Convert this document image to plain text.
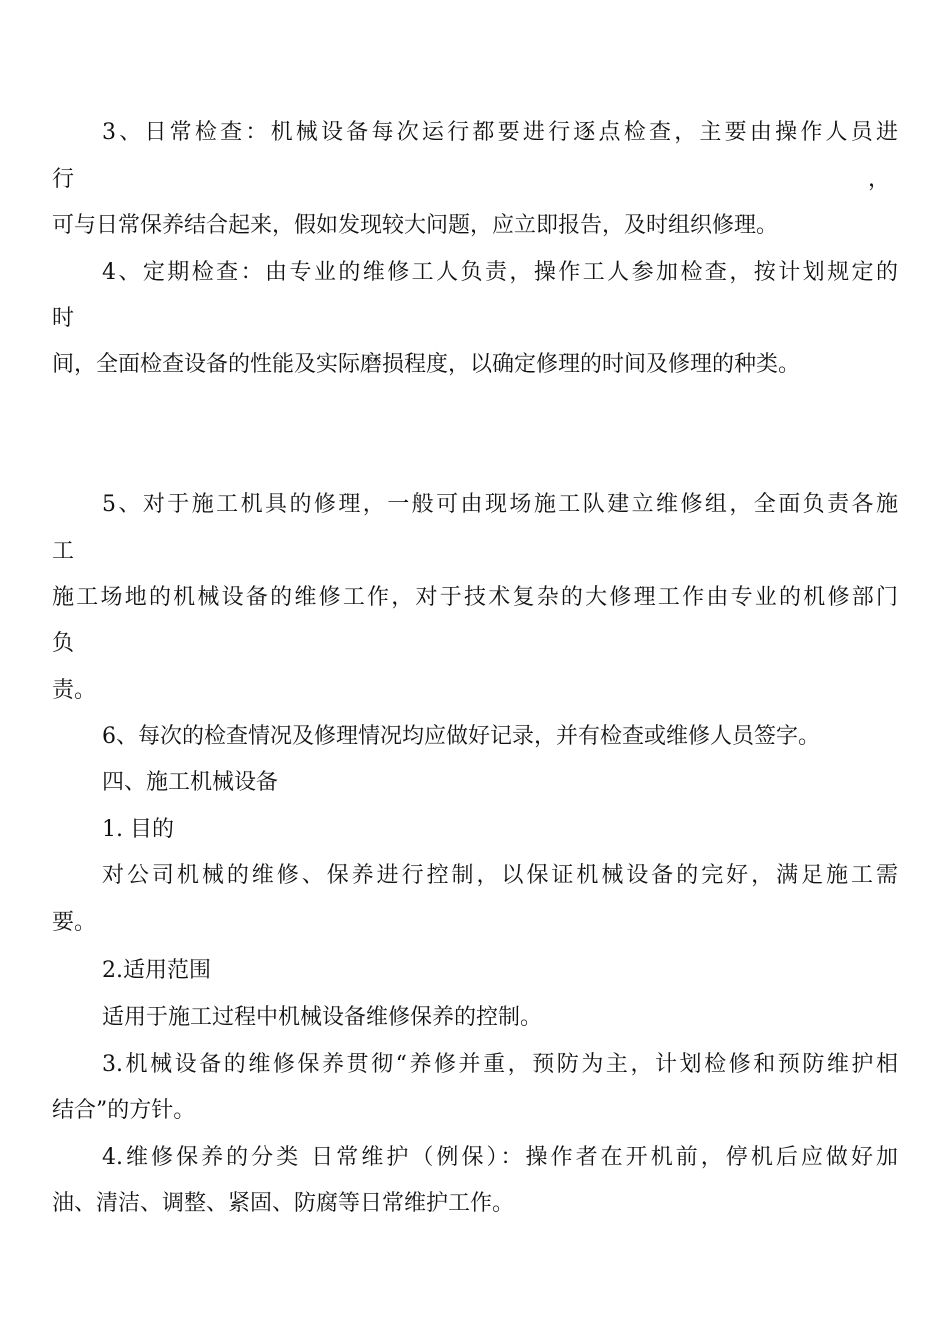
3、日常检查：机械设备每次运行都要进行逐点检查，主要由操作人员进
行	，
可与日常保养结合起来，假如发现较大问题，应立即报告，及时组织修理。
4、定期检查：由专业的维修工人负责，操作工人参加检查，按计划规定的
时
间，全面检查设备的性能及实际磨损程度，以确定修理的时间及修理的种类。
5、对于施工机具的修理，一般可由现场施工队建立维修组，全面负责各施
工
施工场地的机械设备的维修工作，对于技术复杂的大修理工作由专业的机修部门
负
责。
6、每次的检查情况及修理情况均应做好记录，并有检查或维修人员签字。
四、施工机械设备
1. 目的
对公司机械的维修、保养进行控制，以保证机械设备的完好，满足施工需
要。
2.适用范围
适用于施工过程中机械设备维修保养的控制。
3.机械设备的维修保养贯彻“养修并重，预防为主，计划检修和预防维护相
结合”的方针。
4.维修保养的分类 日常维护（例保）：操作者在开机前，停机后应做好加
油、清洁、调整、紧固、防腐等日常维护工作。
